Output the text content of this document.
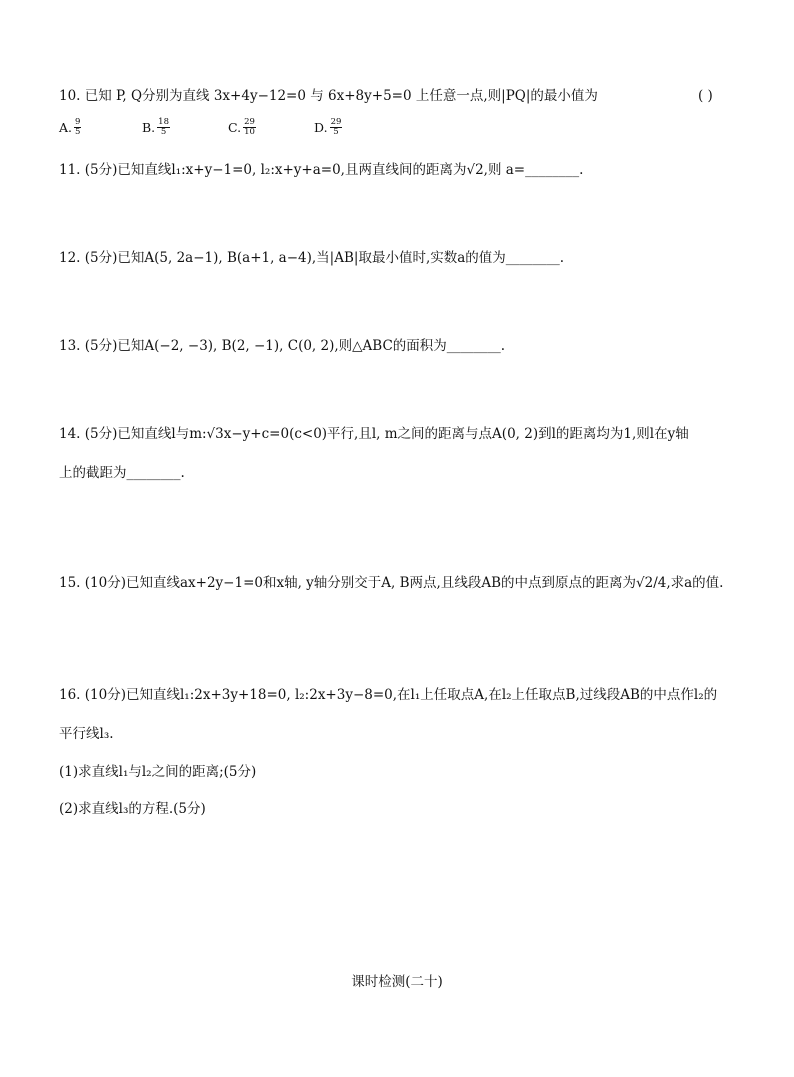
10. 已知 P, Q分别为直线 3x+4y−12=0 与 6x+8y+5=0 上任意一点,则|PQ|的最小值为	( )
A. $\frac{9}{5}$	B. $\frac{18}{5}$	C. $\frac{29}{10}$	D. $\frac{29}{5}$
11. (5分)已知直线l₁:x+y−1=0, l₂:x+y+a=0,且两直线间的距离为√2,则 a=________.
12. (5分)已知A(5, 2a−1), B(a+1, a−4),当|AB|取最小值时,实数a的值为________.
13. (5分)已知A(−2, −3), B(2, −1), C(0, 2),则△ABC的面积为________.
14. (5分)已知直线l与m:√3x−y+c=0(c<0)平行,且l, m之间的距离与点A(0, 2)到l的距离均为1,则l在y轴
上的截距为________.
15. (10分)已知直线ax+2y−1=0和x轴, y轴分别交于A, B两点,且线段AB的中点到原点的距离为√2/4,求a的值.
16. (10分)已知直线l₁:2x+3y+18=0, l₂:2x+3y−8=0,在l₁上任取点A,在l₂上任取点B,过线段AB的中点作l₂的
平行线l₃.
(1)求直线l₁与l₂之间的距离;(5分)
(2)求直线l₃的方程.(5分)
课时检测(二十)
